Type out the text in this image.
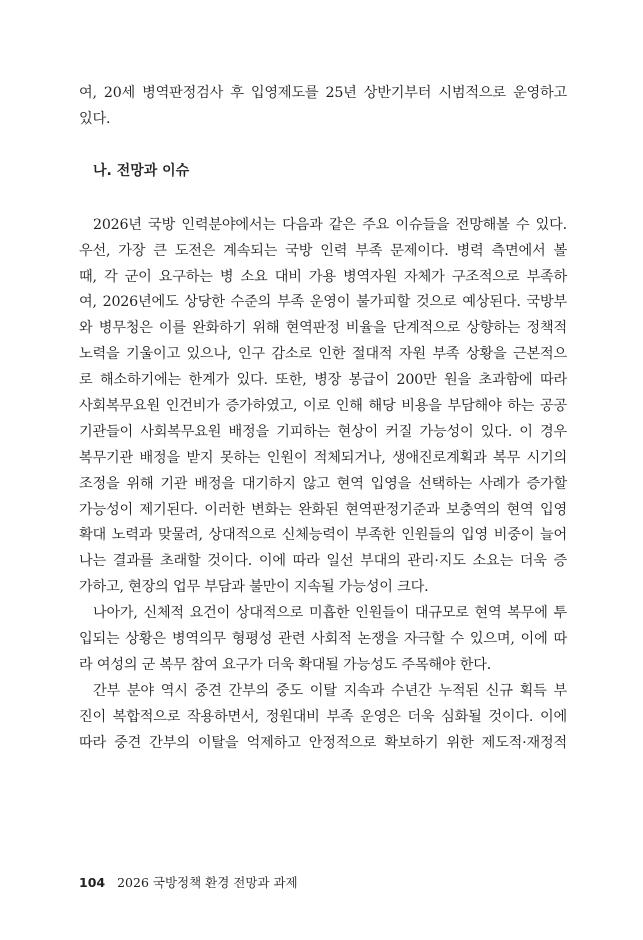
여, 20세 병역판정검사 후 입영제도를 25년 상반기부터 시범적으로 운영하고
있다.
나. 전망과 이슈
2026년 국방 인력분야에서는 다음과 같은 주요 이슈들을 전망해볼 수 있다.
우선, 가장 큰 도전은 계속되는 국방 인력 부족 문제이다. 병력 측면에서 볼
때, 각 군이 요구하는 병 소요 대비 가용 병역자원 자체가 구조적으로 부족하
여, 2026년에도 상당한 수준의 부족 운영이 불가피할 것으로 예상된다. 국방부
와 병무청은 이를 완화하기 위해 현역판정 비율을 단계적으로 상향하는 정책적
노력을 기울이고 있으나, 인구 감소로 인한 절대적 자원 부족 상황을 근본적으
로 해소하기에는 한계가 있다. 또한, 병장 봉급이 200만 원을 초과함에 따라
사회복무요원 인건비가 증가하였고, 이로 인해 해당 비용을 부담해야 하는 공공
기관들이 사회복무요원 배정을 기피하는 현상이 커질 가능성이 있다. 이 경우
복무기관 배정을 받지 못하는 인원이 적체되거나, 생애진로계획과 복무 시기의
조정을 위해 기관 배정을 대기하지 않고 현역 입영을 선택하는 사례가 증가할
가능성이 제기된다. 이러한 변화는 완화된 현역판정기준과 보충역의 현역 입영
확대 노력과 맞물려, 상대적으로 신체능력이 부족한 인원들의 입영 비중이 늘어
나는 결과를 초래할 것이다. 이에 따라 일선 부대의 관리·지도 소요는 더욱 증
가하고, 현장의 업무 부담과 불만이 지속될 가능성이 크다.
나아가, 신체적 요건이 상대적으로 미흡한 인원들이 대규모로 현역 복무에 투
입되는 상황은 병역의무 형평성 관련 사회적 논쟁을 자극할 수 있으며, 이에 따
라 여성의 군 복무 참여 요구가 더욱 확대될 가능성도 주목해야 한다.
간부 분야 역시 중견 간부의 중도 이탈 지속과 수년간 누적된 신규 획득 부
진이 복합적으로 작용하면서, 정원대비 부족 운영은 더욱 심화될 것이다. 이에
따라 중견 간부의 이탈을 억제하고 안정적으로 확보하기 위한 제도적·재정적
104 2026 국방정책 환경 전망과 과제
